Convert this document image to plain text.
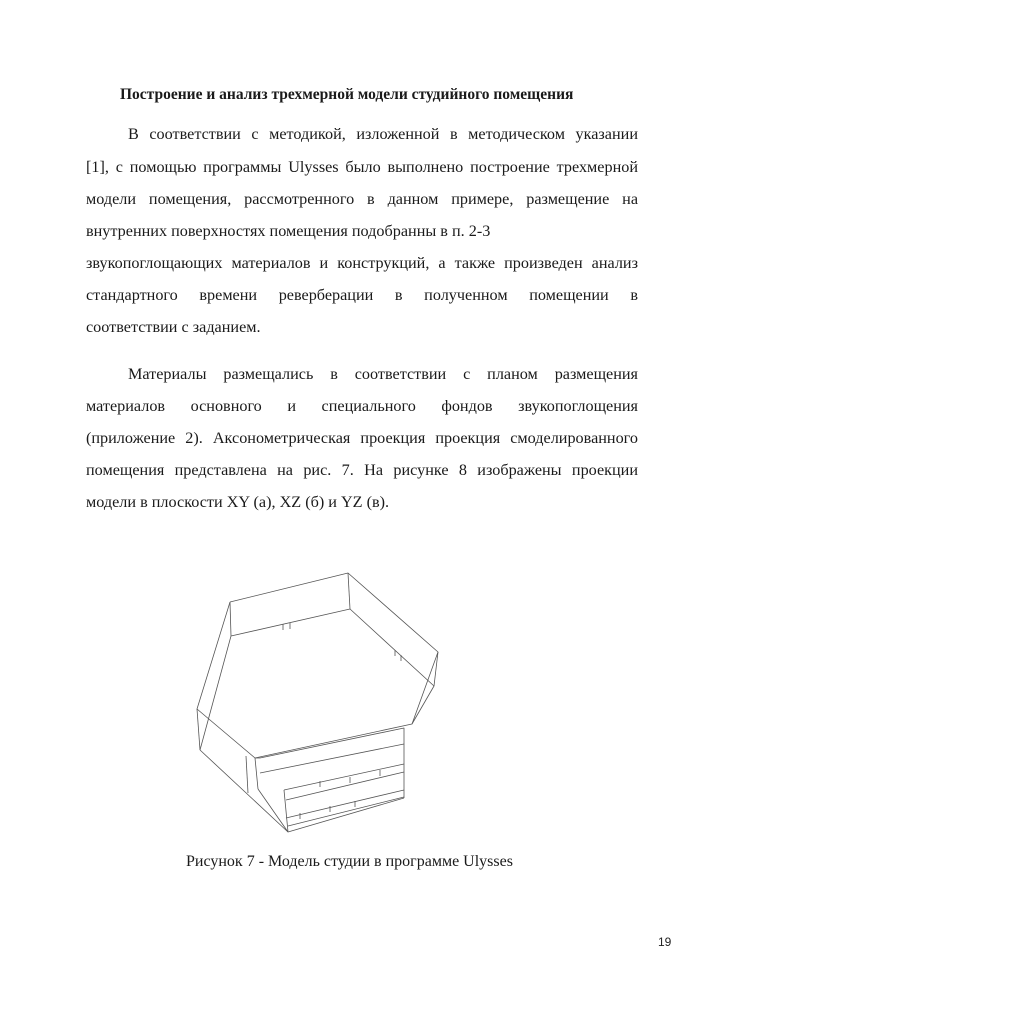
Построение и анализ трехмерной модели студийного помещения
В соответствии с методикой, изложенной в методическом указании
[1], с помощью программы Ulysses было выполнено построение трехмерной
модели помещения, рассмотренного в данном примере, размещение на
внутренних поверхностях помещения подобранны в п. 2-3
звукопоглощающих материалов и конструкций, а также произведен анализ
стандартного времени реверберации в полученном помещении в
соответствии с заданием.
Материалы размещались в соответствии с планом размещения
материалов основного и специального фондов звукопоглощения
(приложение 2). Аксонометрическая проекция проекция смоделированного
помещения представлена на рис. 7. На рисунке 8 изображены проекции
модели в плоскости XY (а), XZ (б) и YZ (в).
Рисунок 7 - Модель студии в программе Ulysses
19
